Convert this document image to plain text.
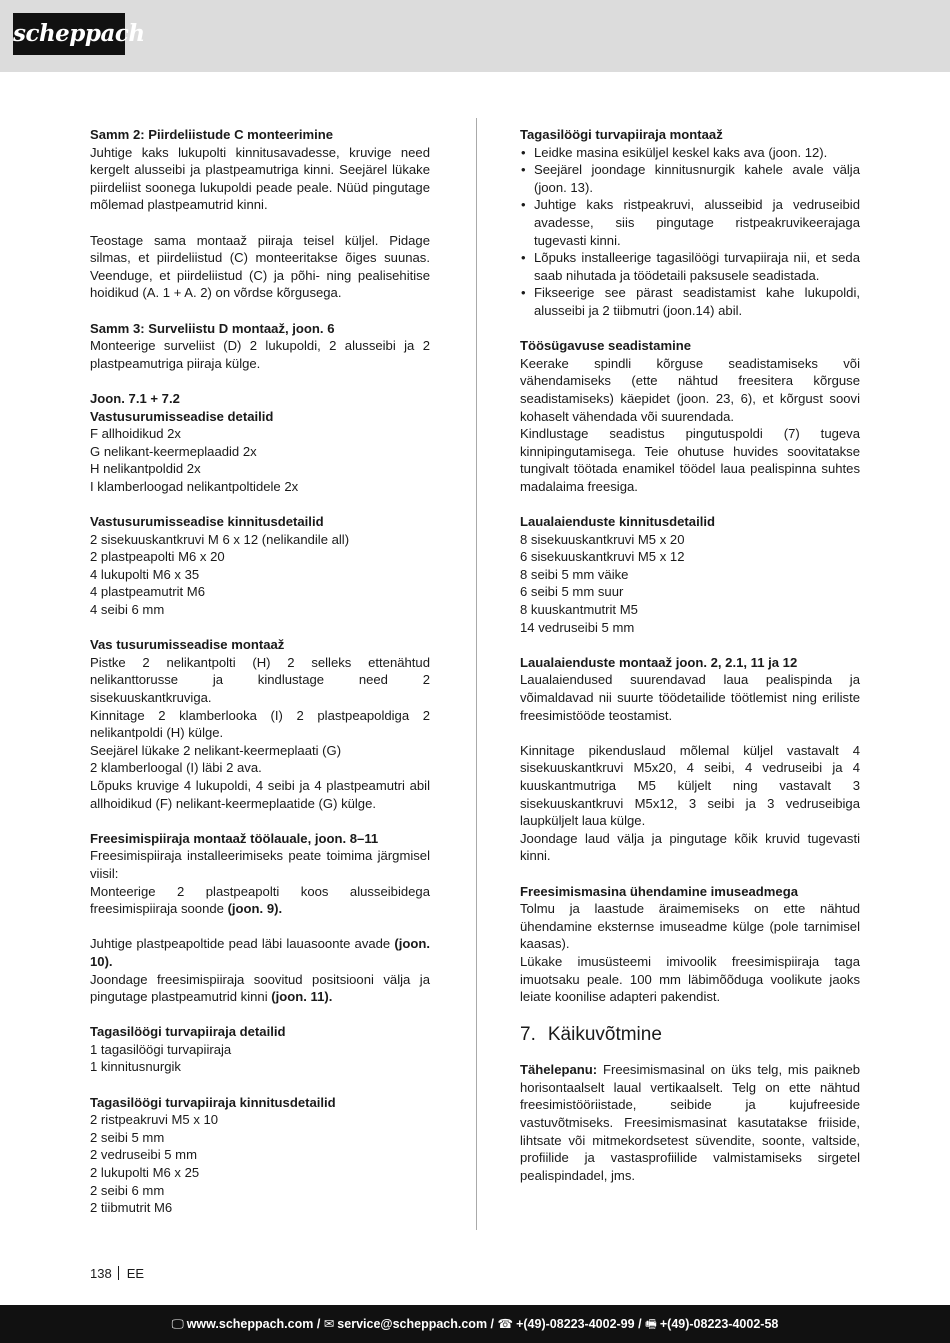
scheppach
Samm 2: Piirdeliistude C monteerimine
Juhtige kaks lukupolti kinnitusavadesse, kruvige need kergelt alusseibi ja plastpeamutriga kinni. Seejärel lükake piirdeliist soonega lukupoldi peade peale. Nüüd pingutage mõlemad plastpeamutrid kinni.
Teostage sama montaaž piiraja teisel küljel. Pidage silmas, et piirdeliistud (C) monteeritakse õiges suunas. Veenduge, et piirdeliistud (C) ja põhi- ning pealisehitise hoidikud (A. 1 + A. 2) on võrdse kõrgusega.
Samm 3: Surveliistu D montaaž, joon. 6
Monteerige surveliist (D) 2 lukupoldi, 2 alusseibi ja 2 plastpeamutriga piiraja külge.
Joon. 7.1 + 7.2
Vastusurumisseadise detailid
F allhoidikud 2x
G nelikant-keermeplaadid 2x
H nelikantpoldid 2x
I klamberloogad nelikantpoltidele 2x
Vastusurumisseadise kinnitusdetailid
2 sisekuuskantkruvi M 6 x 12 (nelikandile all)
2 plastpeapolti M6 x 20
4 lukupolti M6 x 35
4 plastpeamutrit M6
4 seibi 6 mm
Vas tusurumisseadise montaaž
Pistke 2 nelikantpolti (H) 2 selleks ettenähtud nelikanttorusse ja kindlustage need 2 sisekuuskantkruviga.
Kinnitage 2 klamberlooka (I) 2 plastpeapoldiga 2 nelikantpoldi (H) külge.
Seejärel lükake 2 nelikant-keermeplaati (G)
2 klamberloogal (I) läbi 2 ava.
Lõpuks kruvige 4 lukupoldi, 4 seibi ja 4 plastpeamutri abil allhoidikud (F) nelikant-keermeplaatide (G) külge.
Freesimispiiraja montaaž töölauale, joon. 8–11
Freesimispiiraja installeerimiseks peate toimima järgmisel viisil:
Monteerige 2 plastpeapolti koos alusseibidega freesimispiiraja soonde (joon. 9).
Juhtige plastpeapoltide pead läbi lauasoonte avade (joon. 10).
Joondage freesimispiiraja soovitud positsiooni välja ja pingutage plastpeamutrid kinni (joon. 11).
Tagasilöögi turvapiiraja detailid
1 tagasilöögi turvapiiraja
1 kinnitusnurgik
Tagasilöögi turvapiiraja kinnitusdetailid
2 ristpeakruvi M5 x 10
2 seibi 5 mm
2 vedruseibi 5 mm
2 lukupolti M6 x 25
2 seibi 6 mm
2 tiibmutrit M6
Tagasilöögi turvapiiraja montaaž
• Leidke masina esiküljel keskel kaks ava (joon. 12).
• Seejärel joondage kinnitusnurgik kahele avale välja (joon. 13).
• Juhtige kaks ristpeakruvi, alusseibid ja vedruseibid avadesse, siis pingutage ristpeakruvikeerajaga tugevasti kinni.
• Lõpuks installeerige tagasilöögi turvapiiraja nii, et seda saab nihutada ja töödetaili paksusele seadistada.
• Fikseerige see pärast seadistamist kahe lukupoldi, alusseibi ja 2 tiibmutri (joon.14) abil.
Töösügavuse seadistamine
Keerake spindli kõrguse seadistamiseks või vähendamiseks (ette nähtud freesitera kõrguse seadistamiseks) käepidet (joon. 23, 6), et kõrgust soovi kohaselt vähendada või suurendada.
Kindlustage seadistus pingutuspoldi (7) tugeva kinnipingutamisega. Teie ohutuse huvides soovitatakse tungivalt töötada enamikel töödel laua pealispinna suhtes madalaima freesiga.
Laualaienduste kinnitusdetailid
8 sisekuuskantkruvi M5 x 20
6 sisekuuskantkruvi M5 x 12
8 seibi 5 mm väike
6 seibi 5 mm suur
8 kuuskantmutrit M5
14 vedruseibi 5 mm
Laualaienduste montaaž joon. 2, 2.1, 11 ja 12
Laualaiendused suurendavad laua pealispinda ja võimaldavad nii suurte töödetailide töötlemist ning eriliste freesimistööde teostamist.
Kinnitage pikenduslaud mõlemal küljel vastavalt 4 sisekuuskantkruvi M5x20, 4 seibi, 4 vedruseibi ja 4 kuuskantmutriga M5 küljelt ning vastavalt 3 sisekuuskantkruvi M5x12, 3 seibi ja 3 vedruseibiga laupküljelt laua külge.
Joondage laud välja ja pingutage kõik kruvid tugevasti kinni.
Freesimismasina ühendamine imuseadmega
Tolmu ja laastude äraimemiseks on ette nähtud ühendamine eksternse imuseadme külge (pole tarnimisel kaasas).
Lükake imusüsteemi imivoolik freesimispiiraja taga imuotsaku peale. 100 mm läbimõõduga voolikute jaoks leiate koonilise adapteri pakendist.
7. Käikuvõtmine
Tähelepanu: Freesimismasinal on üks telg, mis paikneb horisontaalselt laual vertikaalselt. Telg on ette nähtud freesimistööriistade, seibide ja kujufreeside vastuvõtmiseks. Freesimismasinat kasutatakse friiside, lihtsate või mitmekordsetest süvendite, soonte, valtside, profiilide ja vastasprofiilide valmistamiseks sirgetel pealispindadel, jms.
138 EE
🖵 www.scheppach.com / ✉ service@scheppach.com / ☎ +(49)-08223-4002-99 / 🖷 +(49)-08223-4002-58
